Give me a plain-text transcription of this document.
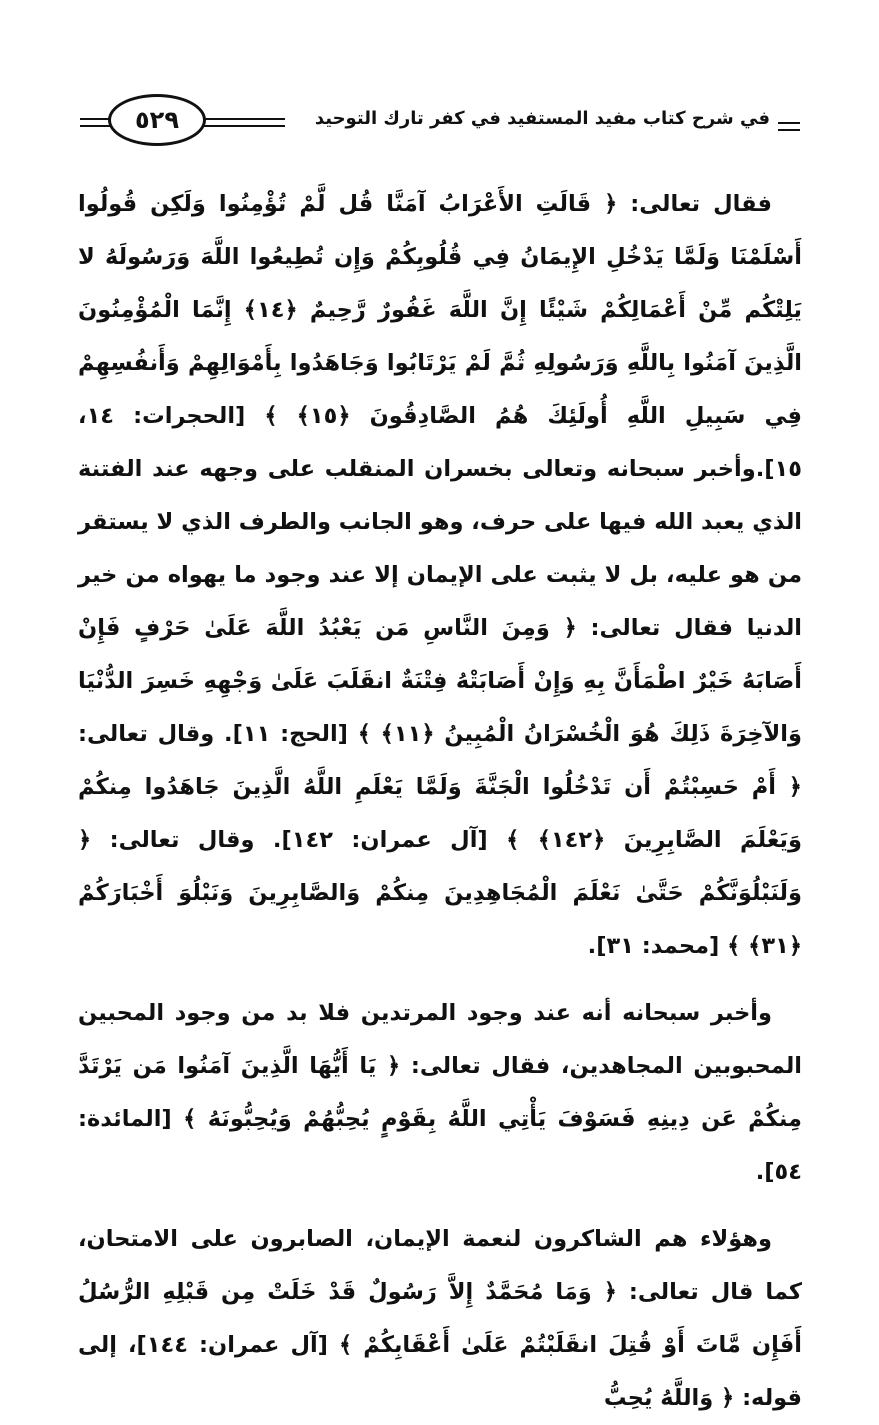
٥٢٩	في شرح كتاب مفيد المستفيد في كفر تارك التوحيد

فقال تعالى: ﴿ قَالَتِ الأَعْرَابُ آمَنَّا قُل لَّمْ تُؤْمِنُوا وَلَكِن قُولُوا أَسْلَمْنَا وَلَمَّا يَدْخُلِ الإِيمَانُ فِي قُلُوبِكُمْ وَإِن تُطِيعُوا اللَّهَ وَرَسُولَهُ لا يَلِتْكُم مِّنْ أَعْمَالِكُمْ شَيْئًا إِنَّ اللَّهَ غَفُورٌ رَّحِيمٌ ﴿١٤﴾ إِنَّمَا الْمُؤْمِنُونَ الَّذِينَ آمَنُوا بِاللَّهِ وَرَسُولِهِ ثُمَّ لَمْ يَرْتَابُوا وَجَاهَدُوا بِأَمْوَالِهِمْ وَأَنفُسِهِمْ فِي سَبِيلِ اللَّهِ أُولَئِكَ هُمُ الصَّادِقُونَ ﴿١٥﴾ ﴾ [الحجرات: ١٤، ١٥].وأخبر سبحانه وتعالى بخسران المنقلب على وجهه عند الفتنة الذي يعبد الله فيها على حرف، وهو الجانب والطرف الذي لا يستقر من هو عليه، بل لا يثبت على الإيمان إلا عند وجود ما يهواه من خير الدنيا فقال تعالى: ﴿ وَمِنَ النَّاسِ مَن يَعْبُدُ اللَّهَ عَلَىٰ حَرْفٍ فَإِنْ أَصَابَهُ خَيْرٌ اطْمَأَنَّ بِهِ وَإِنْ أَصَابَتْهُ فِتْنَةٌ انقَلَبَ عَلَىٰ وَجْهِهِ خَسِرَ الدُّنْيَا وَالآخِرَةَ ذَلِكَ هُوَ الْخُسْرَانُ الْمُبِينُ ﴿١١﴾ ﴾ [الحج: ١١]. وقال تعالى: ﴿ أَمْ حَسِبْتُمْ أَن تَدْخُلُوا الْجَنَّةَ وَلَمَّا يَعْلَمِ اللَّهُ الَّذِينَ جَاهَدُوا مِنكُمْ وَيَعْلَمَ الصَّابِرِينَ ﴿١٤٢﴾ ﴾ [آل عمران: ١٤٢]. وقال تعالى: ﴿ وَلَنَبْلُوَنَّكُمْ حَتَّىٰ نَعْلَمَ الْمُجَاهِدِينَ مِنكُمْ وَالصَّابِرِينَ وَنَبْلُوَ أَخْبَارَكُمْ ﴿٣١﴾ ﴾ [محمد: ٣١].

وأخبر سبحانه أنه عند وجود المرتدين فلا بد من وجود المحبين المحبوبين المجاهدين، فقال تعالى: ﴿ يَا أَيُّهَا الَّذِينَ آمَنُوا مَن يَرْتَدَّ مِنكُمْ عَن دِينِهِ فَسَوْفَ يَأْتِي اللَّهُ بِقَوْمٍ يُحِبُّهُمْ وَيُحِبُّونَهُ ﴾ [المائدة: ٥٤].

وهؤلاء هم الشاكرون لنعمة الإيمان، الصابرون على الامتحان، كما قال تعالى: ﴿ وَمَا مُحَمَّدٌ إِلاَّ رَسُولٌ قَدْ خَلَتْ مِن قَبْلِهِ الرُّسُلُ أَفَإِن مَّاتَ أَوْ قُتِلَ انقَلَبْتُمْ عَلَىٰ أَعْقَابِكُمْ ﴾ [آل عمران: ١٤٤]، إلى قوله: ﴿ وَاللَّهُ يُحِبُّ
